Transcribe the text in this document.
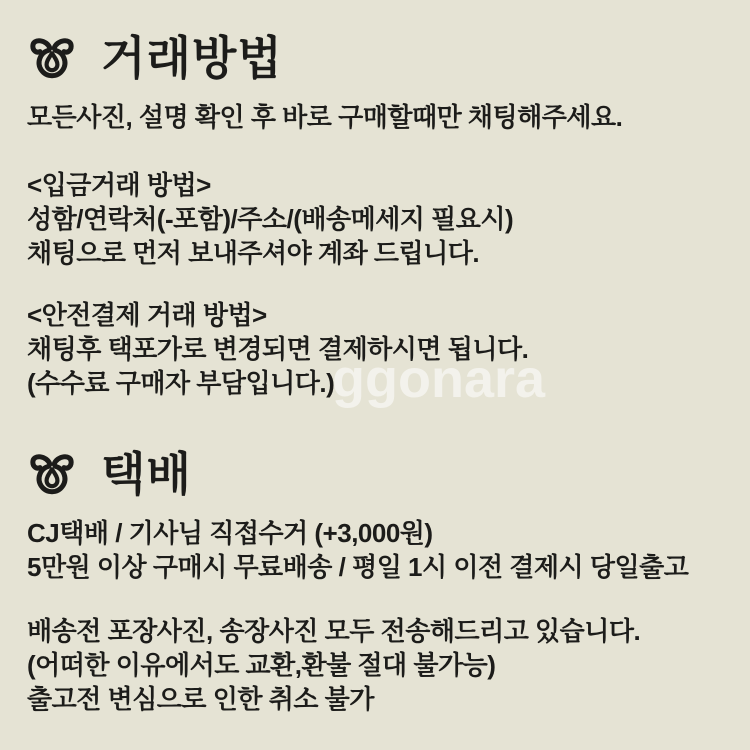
거래방법

모든사진, 설명 확인 후 바로 구매할때만 채팅해주세요.

<입금거래 방법>

성함/연락처(-포함)/주소/(배송메세지 필요시)

채팅으로 먼저 보내주셔야 계좌 드립니다.

<안전결제 거래 방법>

채팅후 택포가로 변경되면 결제하시면 됩니다.

(수수료 구매자 부담입니다.)

택배

CJ택배 / 기사님 직접수거 (+3,000원)

5만원 이상 구매시 무료배송 / 평일 1시 이전 결제시 당일출고

배송전 포장사진, 송장사진 모두 전송해드리고 있습니다.

(어떠한 이유에서도 교환,환불 절대 불가능)

출고전 변심으로 인한 취소 불가

ggonara
